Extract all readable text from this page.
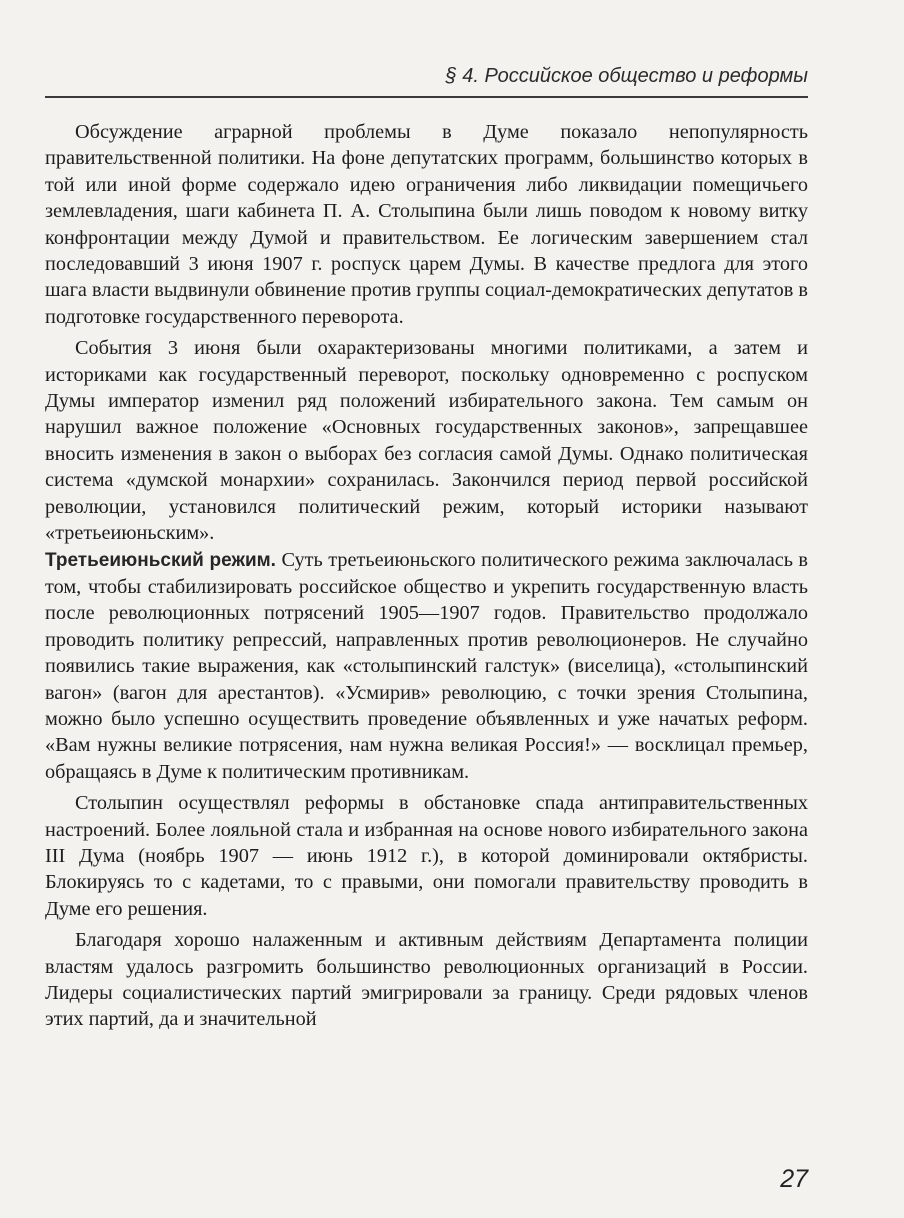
§ 4. Российское общество и реформы

Обсуждение аграрной проблемы в Думе показало непопулярность правительственной политики. На фоне депутатских программ, большинство которых в той или иной форме содержало идею ограничения либо ликвидации помещичьего землевладения, шаги кабинета П. А. Столыпина были лишь поводом к новому витку конфронтации между Думой и правительством. Ее логическим завершением стал последовавший 3 июня 1907 г. роспуск царем Думы. В качестве предлога для этого шага власти выдвинули обвинение против группы социал-демократических депутатов в подготовке государственного переворота.

События 3 июня были охарактеризованы многими политиками, а затем и историками как государственный переворот, поскольку одновременно с роспуском Думы император изменил ряд положений избирательного закона. Тем самым он нарушил важное положение «Основных государственных законов», запрещавшее вносить изменения в закон о выборах без согласия самой Думы. Однако политическая система «думской монархии» сохранилась. Закончился период первой российской революции, установился политический режим, который историки называют «третьеиюньским».

Третьеиюньский режим. Суть третьеиюньского политического режима заключалась в том, чтобы стабилизировать российское общество и укрепить государственную власть после революционных потрясений 1905—1907 годов. Правительство продолжало проводить политику репрессий, направленных против революционеров. Не случайно появились такие выражения, как «столыпинский галстук» (виселица), «столыпинский вагон» (вагон для арестантов). «Усмирив» революцию, с точки зрения Столыпина, можно было успешно осуществить проведение объявленных и уже начатых реформ. «Вам нужны великие потрясения, нам нужна великая Россия!» — восклицал премьер, обращаясь в Думе к политическим противникам.

Столыпин осуществлял реформы в обстановке спада антиправительственных настроений. Более лояльной стала и избранная на основе нового избирательного закона III Дума (ноябрь 1907 — июнь 1912 г.), в которой доминировали октябристы. Блокируясь то с кадетами, то с правыми, они помогали правительству проводить в Думе его решения.

Благодаря хорошо налаженным и активным действиям Департамента полиции властям удалось разгромить большинство революционных организаций в России. Лидеры социалистических партий эмигрировали за границу. Среди рядовых членов этих партий, да и значительной

27
